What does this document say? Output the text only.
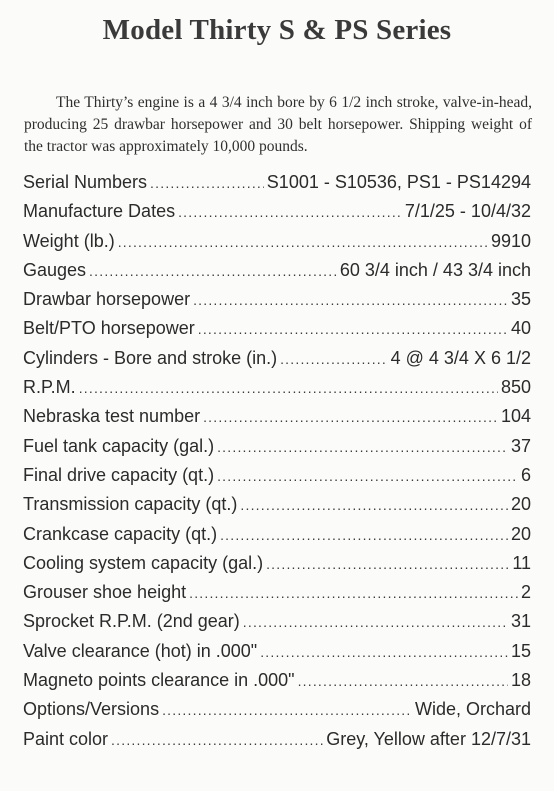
Model Thirty S & PS Series

The Thirty’s engine is a 4 3/4 inch bore by 6 1/2 inch stroke, valve-in-head, producing 25 drawbar horsepower and 30 belt horsepower. Shipping weight of the tractor was approximately 10,000 pounds.

Serial Numbers .....	S1001 - S10536, PS1 - PS14294
Manufacture Dates .....	7/1/25 - 10/4/32
Weight (lb.) .....	9910
Gauges .....	60 3/4 inch / 43 3/4 inch
Drawbar horsepower .....	35
Belt/PTO horsepower .....	40
Cylinders - Bore and stroke (in.) .....	4 @ 4 3/4 X 6 1/2
R.P.M. .....	850
Nebraska test number .....	104
Fuel tank capacity (gal.) .....	37
Final drive capacity (qt.) .....	6
Transmission capacity (qt.) .....	20
Crankcase capacity (qt.) .....	20
Cooling system capacity (gal.) .....	11
Grouser shoe height .....	2
Sprocket R.P.M. (2nd gear) .....	31
Valve clearance (hot) in .000" .....	15
Magneto points clearance in .000" .....	18
Options/Versions .....	Wide, Orchard
Paint color .....	Grey, Yellow after 12/7/31
